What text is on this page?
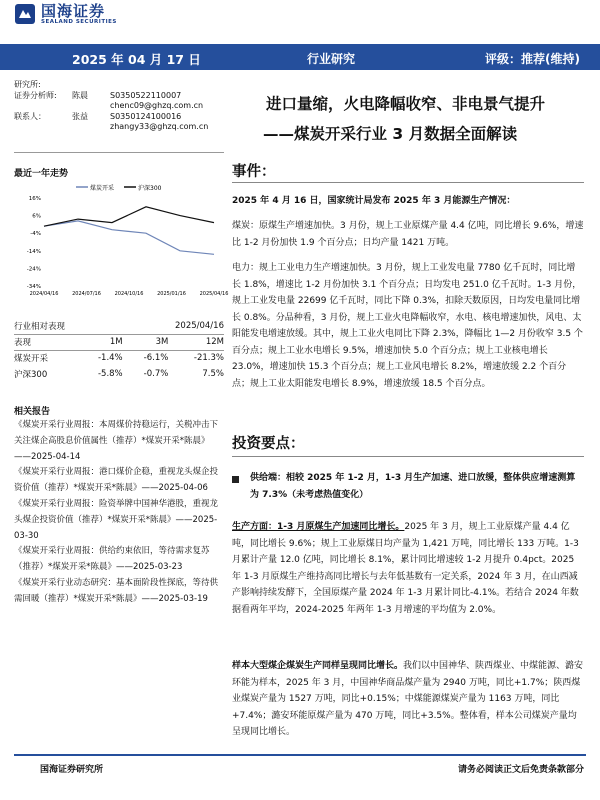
国海证券
SEALAND SECURITIES
2025 年 04 月 17 日	行业研究	评级：推荐(维持)
研究所:
证券分析师:	陈晨	S0350522110007
chenc09@ghzq.com.cn
联系人：	张益	S0350124100016
zhangy33@ghzq.com.cn
进口量缩，火电降幅收窄、非电景气提升
——煤炭开采行业 3 月数据全面解读
最近一年走势
煤炭开采	沪深300
16%
6%
-4%
-14%
-24%
-34%
2024/04/16	2024/07/16	2024/10/16	2025/01/16	2025/04/16
行业相对表现		2025/04/16	
表现	1M	3M	12M
煤炭开采	-1.4%	-6.1%	-21.3%
沪深300	-5.8%	-0.7%	7.5%
相关报告
《煤炭开采行业周报：本周煤价持稳运行，关税冲击下关注煤企高股息价值属性（推荐）*煤炭开采*陈晨》——2025-04-14
《煤炭开采行业周报：港口煤价企稳，重视龙头煤企投资价值（推荐）*煤炭开采*陈晨》——2025-04-06
《煤炭开采行业周报：险资举牌中国神华港股，重视龙头煤企投资价值（推荐）*煤炭开采*陈晨》——2025-03-30
《煤炭开采行业周报：供给约束依旧，等待需求复苏（推荐）*煤炭开采*陈晨》——2025-03-23
《煤炭开采行业动态研究：基本面阶段性探底，等待供需回暖（推荐）*煤炭开采*陈晨》——2025-03-19
事件：
2025 年 4 月 16 日，国家统计局发布 2025 年 3 月能源生产情况：
煤炭：原煤生产增速加快。3 月份，规上工业原煤产量 4.4 亿吨，同比增长 9.6%，增速比 1-2 月份加快 1.9 个百分点；日均产量 1421 万吨。
电力：规上工业电力生产增速加快。3 月份，规上工业发电量 7780 亿千瓦时，同比增长 1.8%，增速比 1-2 月份加快 3.1 个百分点；日均发电 251.0 亿千瓦时。1-3 月份，规上工业发电量 22699 亿千瓦时，同比下降 0.3%，扣除天数原因，日均发电量同比增长 0.8%。分品种看，3 月份，规上工业火电降幅收窄，水电、核电增速加快，风电、太阳能发电增速放缓。其中，规上工业火电同比下降 2.3%，降幅比 1—2 月份收窄 3.5 个百分点；规上工业水电增长 9.5%，增速加快 5.0 个百分点；规上工业核电增长 23.0%，增速加快 15.3 个百分点；规上工业风电增长 8.2%，增速放缓 2.2 个百分点；规上工业太阳能发电增长 8.9%，增速放缓 18.5 个百分点。
投资要点：
供给端：相较 2025 年 1-2 月，1-3 月生产加速、进口放缓，整体供应增速测算为 7.3%（未考虑热值变化）
生产方面：1-3 月原煤生产加速同比增长。2025 年 3 月，规上工业原煤产量 4.4 亿吨，同比增长 9.6%；规上工业原煤日均产量为 1,421 万吨，同比增长 133 万吨。1-3 月累计产量 12.0 亿吨，同比增长 8.1%，累计同比增速较 1-2 月提升 0.4pct。2025 年 1-3 月原煤生产维持高同比增长与去年低基数有一定关系，2024 年 3 月，在山西减产影响持续发酵下，全国原煤产量 2024 年 1-3 月累计同比-4.1%。若结合 2024 年数据看两年平均，2024-2025 年两年 1-3 月增速的平均值为 2.0%。
样本大型煤企煤炭生产同样呈现同比增长。我们以中国神华、陕西煤业、中煤能源、潞安环能为样本，2025 年 3 月，中国神华商品煤产量为 2940 万吨，同比+1.7%；陕西煤业煤炭产量为 1527 万吨，同比+0.15%；中煤能源煤炭产量为 1163 万吨，同比+7.4%；潞安环能原煤产量为 470 万吨，同比+3.5%。整体看，样本公司煤炭产量均呈现同比增长。
国海证券研究所	请务必阅读正文后免责条款部分
